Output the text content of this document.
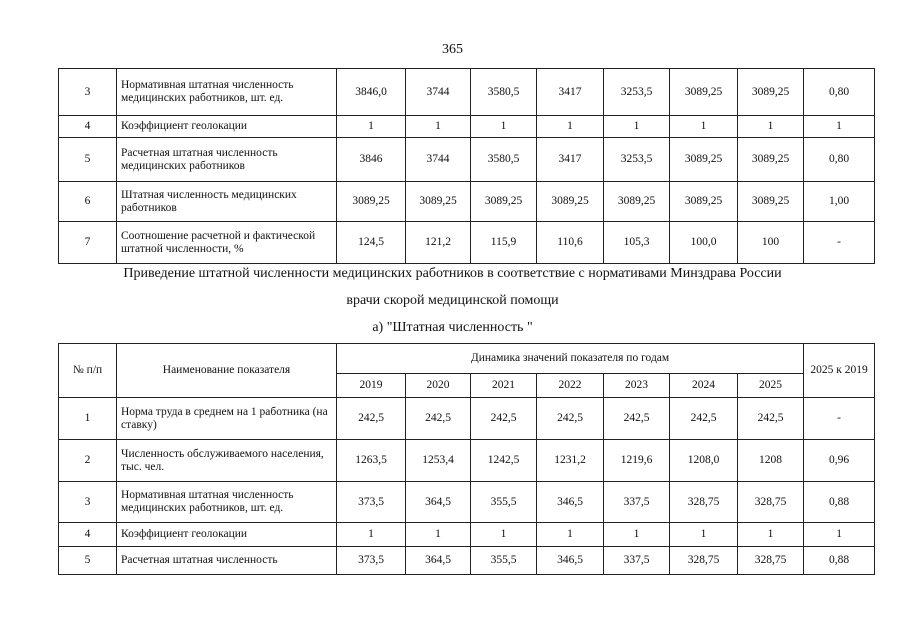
365
3	Нормативная штатная численность медицинских работников, шт. ед.	3846,0	3744	3580,5	3417	3253,5	3089,25	3089,25	0,80
4	Коэффициент геолокации	1	1	1	1	1	1	1	1
5	Расчетная штатная численность медицинских работников	3846	3744	3580,5	3417	3253,5	3089,25	3089,25	0,80
6	Штатная численность медицинских работников	3089,25	3089,25	3089,25	3089,25	3089,25	3089,25	3089,25	1,00
7	Соотношение расчетной и фактической штатной численности, %	124,5	121,2	115,9	110,6	105,3	100,0	100	-
Приведение штатной численности медицинских работников в соответствие с нормативами Минздрава России
врачи скорой медицинской помощи
а) "Штатная численность "
№ п/п	Наименование показателя	Динамика значений показателя по годам							2025 к 2019
		2019	2020	2021	2022	2023	2024	2025	
1	Норма труда в среднем на 1 работника (на ставку)	242,5	242,5	242,5	242,5	242,5	242,5	242,5	-
2	Численность обслуживаемого населения, тыс. чел.	1263,5	1253,4	1242,5	1231,2	1219,6	1208,0	1208	0,96
3	Нормативная штатная численность медицинских работников, шт. ед.	373,5	364,5	355,5	346,5	337,5	328,75	328,75	0,88
4	Коэффициент геолокации	1	1	1	1	1	1	1	1
5	Расчетная штатная численность	373,5	364,5	355,5	346,5	337,5	328,75	328,75	0,88
